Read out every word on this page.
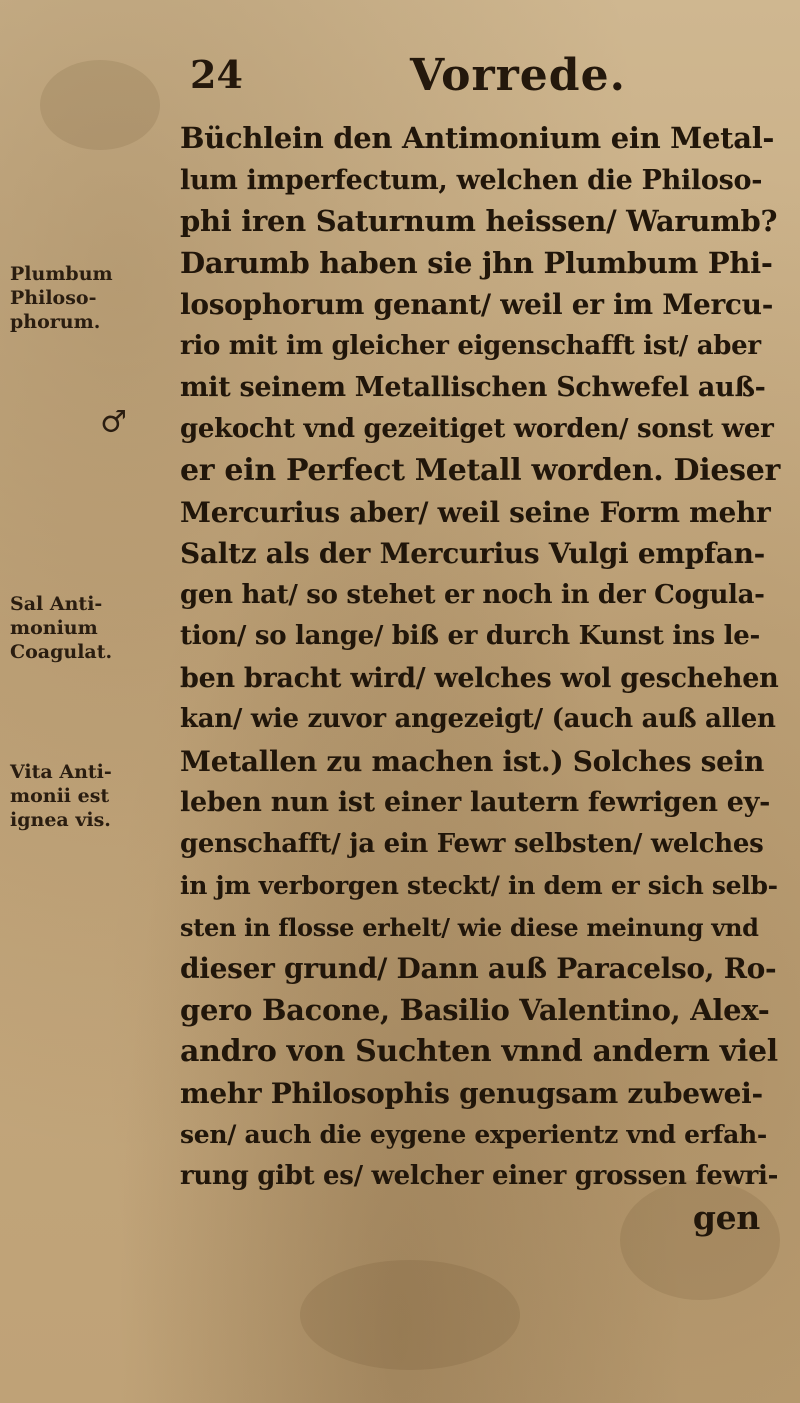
24	Vorrede.
Plumbum
Philoso-
phorum.
♂
Sal Anti-
monium
Coagulat.
Vita Anti-
monii est
ignea vis.
Büchlein den Antimonium ein Metal-
lum imperfectum, welchen die Philoso-
phi iren Saturnum heissen/ Warumb?
Darumb haben sie jhn Plumbum Phi-
losophorum genant/ weil er im Mercu-
rio mit im gleicher eigenschafft ist/ aber
mit seinem Metallischen Schwefel auß-
gekocht vnd gezeitiget worden/ sonst wer
er ein Perfect Metall worden. Dieser
Mercurius aber/ weil seine Form mehr
Saltz als der Mercurius Vulgi empfan-
gen hat/ so stehet er noch in der Cogula-
tion/ so lange/ biß er durch Kunst ins le-
ben bracht wird/ welches wol geschehen
kan/ wie zuvor angezeigt/ (auch auß allen
Metallen zu machen ist.) Solches sein
leben nun ist einer lautern fewrigen ey-
genschafft/ ja ein Fewr selbsten/ welches
in jm verborgen steckt/ in dem er sich selb-
sten in flosse erhelt/ wie diese meinung vnd
dieser grund/ Dann auß Paracelso, Ro-
gero Bacone, Basilio Valentino, Alex-
andro von Suchten vnnd andern viel
mehr Philosophis genugsam zubewei-
sen/ auch die eygene experientz vnd erfah-
rung gibt es/ welcher einer grossen fewri-
gen
